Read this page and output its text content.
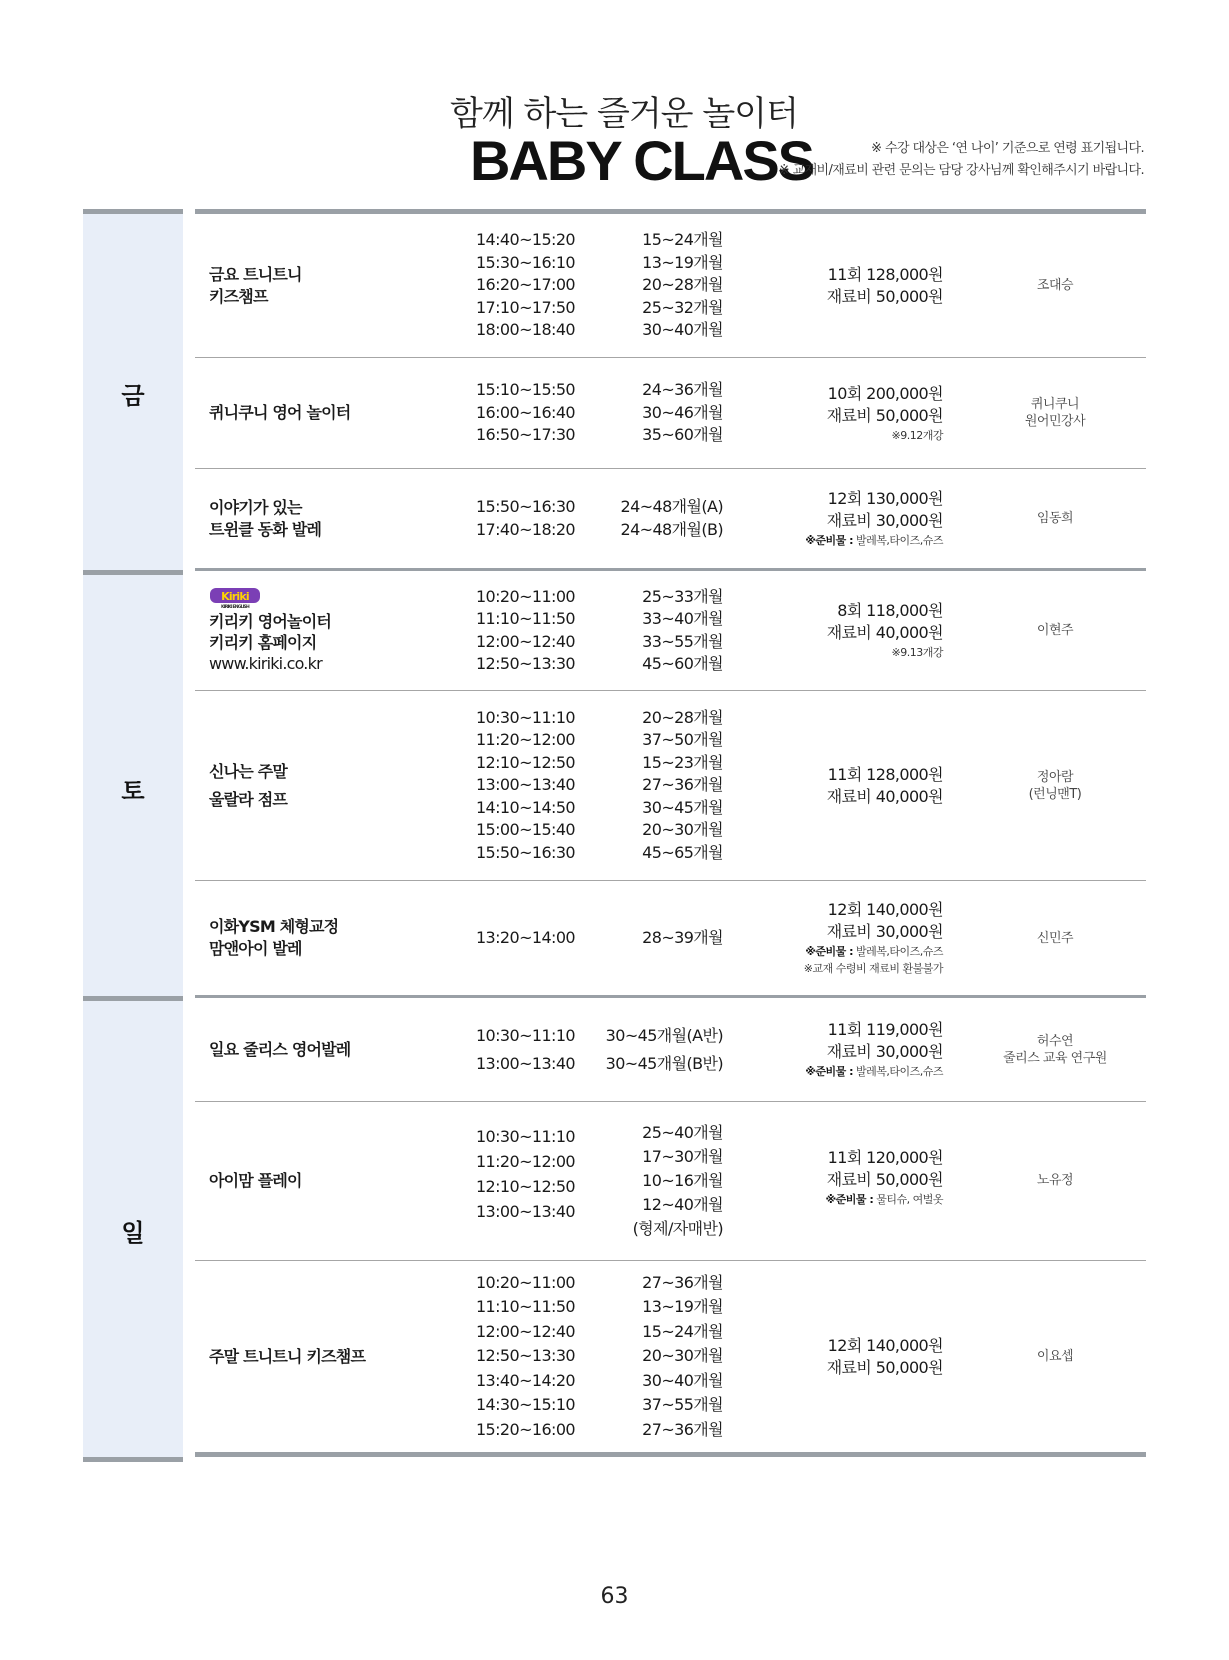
함께 하는 즐거운 놀이터
BABY CLASS	※ 수강 대상은 ‘연 나이’ 기준으로 연령 표기됩니다.
※ 교재비/재료비 관련 문의는 담당 강사님께 확인해주시기 바랍니다.
금
토
일
금요 트니트니
키즈챔프
14:40~15:20
15:30~16:10
16:20~17:00
17:10~17:50
18:00~18:40
15~24개월
13~19개월
20~28개월
25~32개월
30~40개월
11회 128,000원
재료비 50,000원
조대승
퀴니쿠니 영어 놀이터
15:10~15:50
16:00~16:40
16:50~17:30
24~36개월
30~46개월
35~60개월
10회 200,000원
재료비 50,000원
※9.12개강
퀴니쿠니
원어민강사
이야기가 있는
트윈클 동화 발레
15:50~16:30
17:40~18:20
24~48개월(A)
24~48개월(B)
12회 130,000원
재료비 30,000원
※준비물 : 발레복,타이즈,슈즈
임동희
Kiriki
KIRIKI ENGLISH
키리키 영어놀이터
키리키 홈페이지
www.kiriki.co.kr
10:20~11:00
11:10~11:50
12:00~12:40
12:50~13:30
25~33개월
33~40개월
33~55개월
45~60개월
8회 118,000원
재료비 40,000원
※9.13개강
이현주
신나는 주말
울랄라 점프
10:30~11:10
11:20~12:00
12:10~12:50
13:00~13:40
14:10~14:50
15:00~15:40
15:50~16:30
20~28개월
37~50개월
15~23개월
27~36개월
30~45개월
20~30개월
45~65개월
11회 128,000원
재료비 40,000원
정아람
(런닝맨T)
이화YSM 체형교정
맘앤아이 발레
13:20~14:00	28~39개월
12회 140,000원
재료비 30,000원
※준비물 : 발레복,타이즈,슈즈
※교재 수령비 재료비 환불불가
신민주
일요 줄리스 영어발레
10:30~11:10
13:00~13:40
30~45개월(A반)
30~45개월(B반)
11회 119,000원
재료비 30,000원
※준비물 : 발레복,타이즈,슈즈
허수연
줄리스 교육 연구원
아이맘 플레이
10:30~11:10
11:20~12:00
12:10~12:50
13:00~13:40
25~40개월
17~30개월
10~16개월
12~40개월
(형제/자매반)
11회 120,000원
재료비 50,000원
※준비물 : 물티슈, 여벌옷
노유정
주말 트니트니 키즈챔프
10:20~11:00
11:10~11:50
12:00~12:40
12:50~13:30
13:40~14:20
14:30~15:10
15:20~16:00
27~36개월
13~19개월
15~24개월
20~30개월
30~40개월
37~55개월
27~36개월
12회 140,000원
재료비 50,000원
이요셉
63
